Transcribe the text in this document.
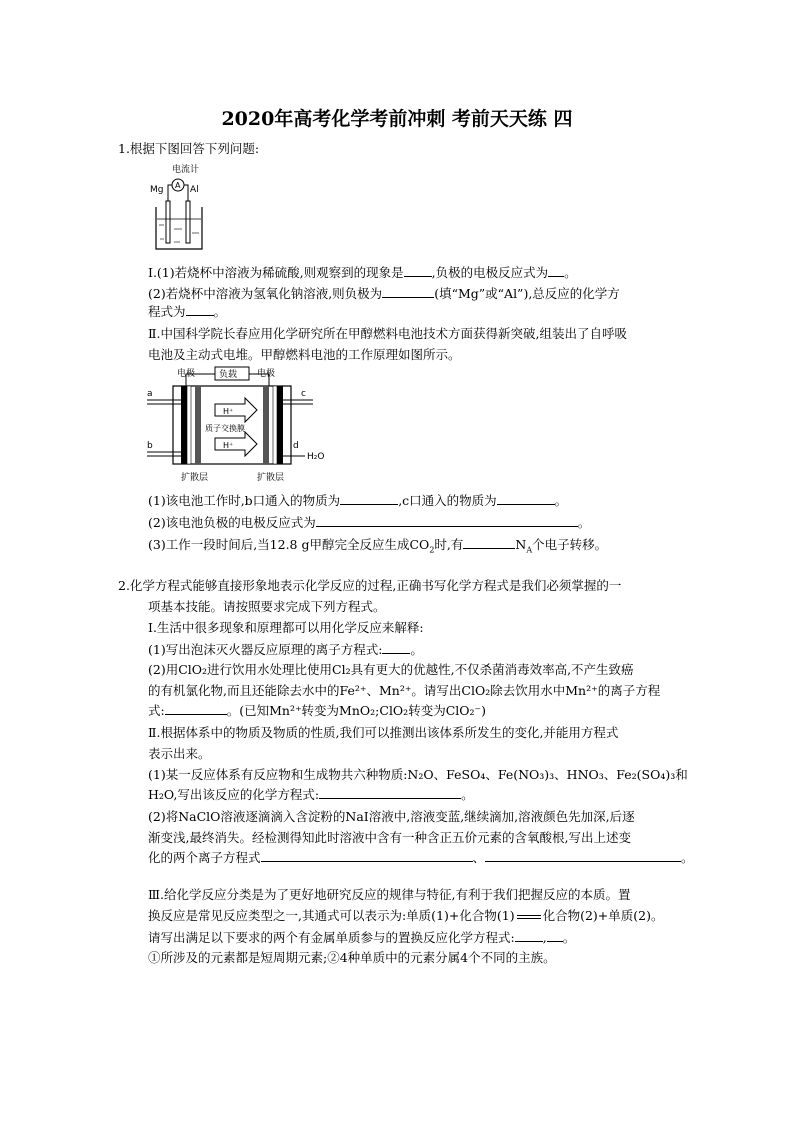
2020年高考化学考前冲刺 考前天天练 四
1.根据下图回答下列问题:
电流计
A
Mg	Al
Ⅰ.(1)若烧杯中溶液为稀硫酸,则观察到的现象是 ,负极的电极反应式为 。
(2)若烧杯中溶液为氢氧化钠溶液,则负极为	(填“Mg”或“Al”),总反应的化学方
程式为 。
Ⅱ.中国科学院长春应用化学研究所在甲醇燃料电池技术方面获得新突破,组装出了自呼吸
电池及主动式电堆。甲醇燃料电池的工作原理如图所示。
电极	负载 电极
a
b
c
d
H₂O
H⁺
质子交换膜
H⁺
扩散层	扩散层
(1)该电池工作时,b口通入的物质为	,c口通入的物质为	。
(2)该电池负极的电极反应式为	。
(3)工作一段时间后,当12.8 g甲醇完全反应生成$CO_2$时,有	$N_A$个电子转移。
2.化学方程式能够直接形象地表示化学反应的过程,正确书写化学方程式是我们必须掌握的一
项基本技能。请按照要求完成下列方程式。
Ⅰ.生活中很多现象和原理都可以用化学反应来解释:
(1)写出泡沫灭火器反应原理的离子方程式: 。
(2)用ClO₂进行饮用水处理比使用Cl₂具有更大的优越性,不仅杀菌消毒效率高,不产生致癌
的有机氯化物,而且还能除去水中的Fe²⁺、Mn²⁺。请写出ClO₂除去饮用水中Mn²⁺的离子方程
式:	。(已知Mn²⁺转变为MnO₂;ClO₂转变为ClO₂⁻)
Ⅱ.根据体系中的物质及物质的性质,我们可以推测出该体系所发生的变化,并能用方程式
表示出来。
(1)某一反应体系有反应物和生成物共六种物质:N₂O、FeSO₄、Fe(NO₃)₃、HNO₃、Fe₂(SO₄)₃和
H₂O,写出该反应的化学方程式:	。
(2)将NaClO溶液逐滴滴入含淀粉的NaI溶液中,溶液变蓝,继续滴加,溶液颜色先加深,后逐
渐变浅,最终消失。经检测得知此时溶液中含有一种含正五价元素的含氧酸根,写出上述变
化的两个离子方程式	、	。
Ⅲ.给化学反应分类是为了更好地研究反应的规律与特征,有利于我们把握反应的本质。置
换反应是常见反应类型之一,其通式可以表示为:单质(1)+化合物(1) 化合物(2)+单质(2)。
请写出满足以下要求的两个有金属单质参与的置换反应化学方程式: , 。
①所涉及的元素都是短周期元素;②4种单质中的元素分属4个不同的主族。
